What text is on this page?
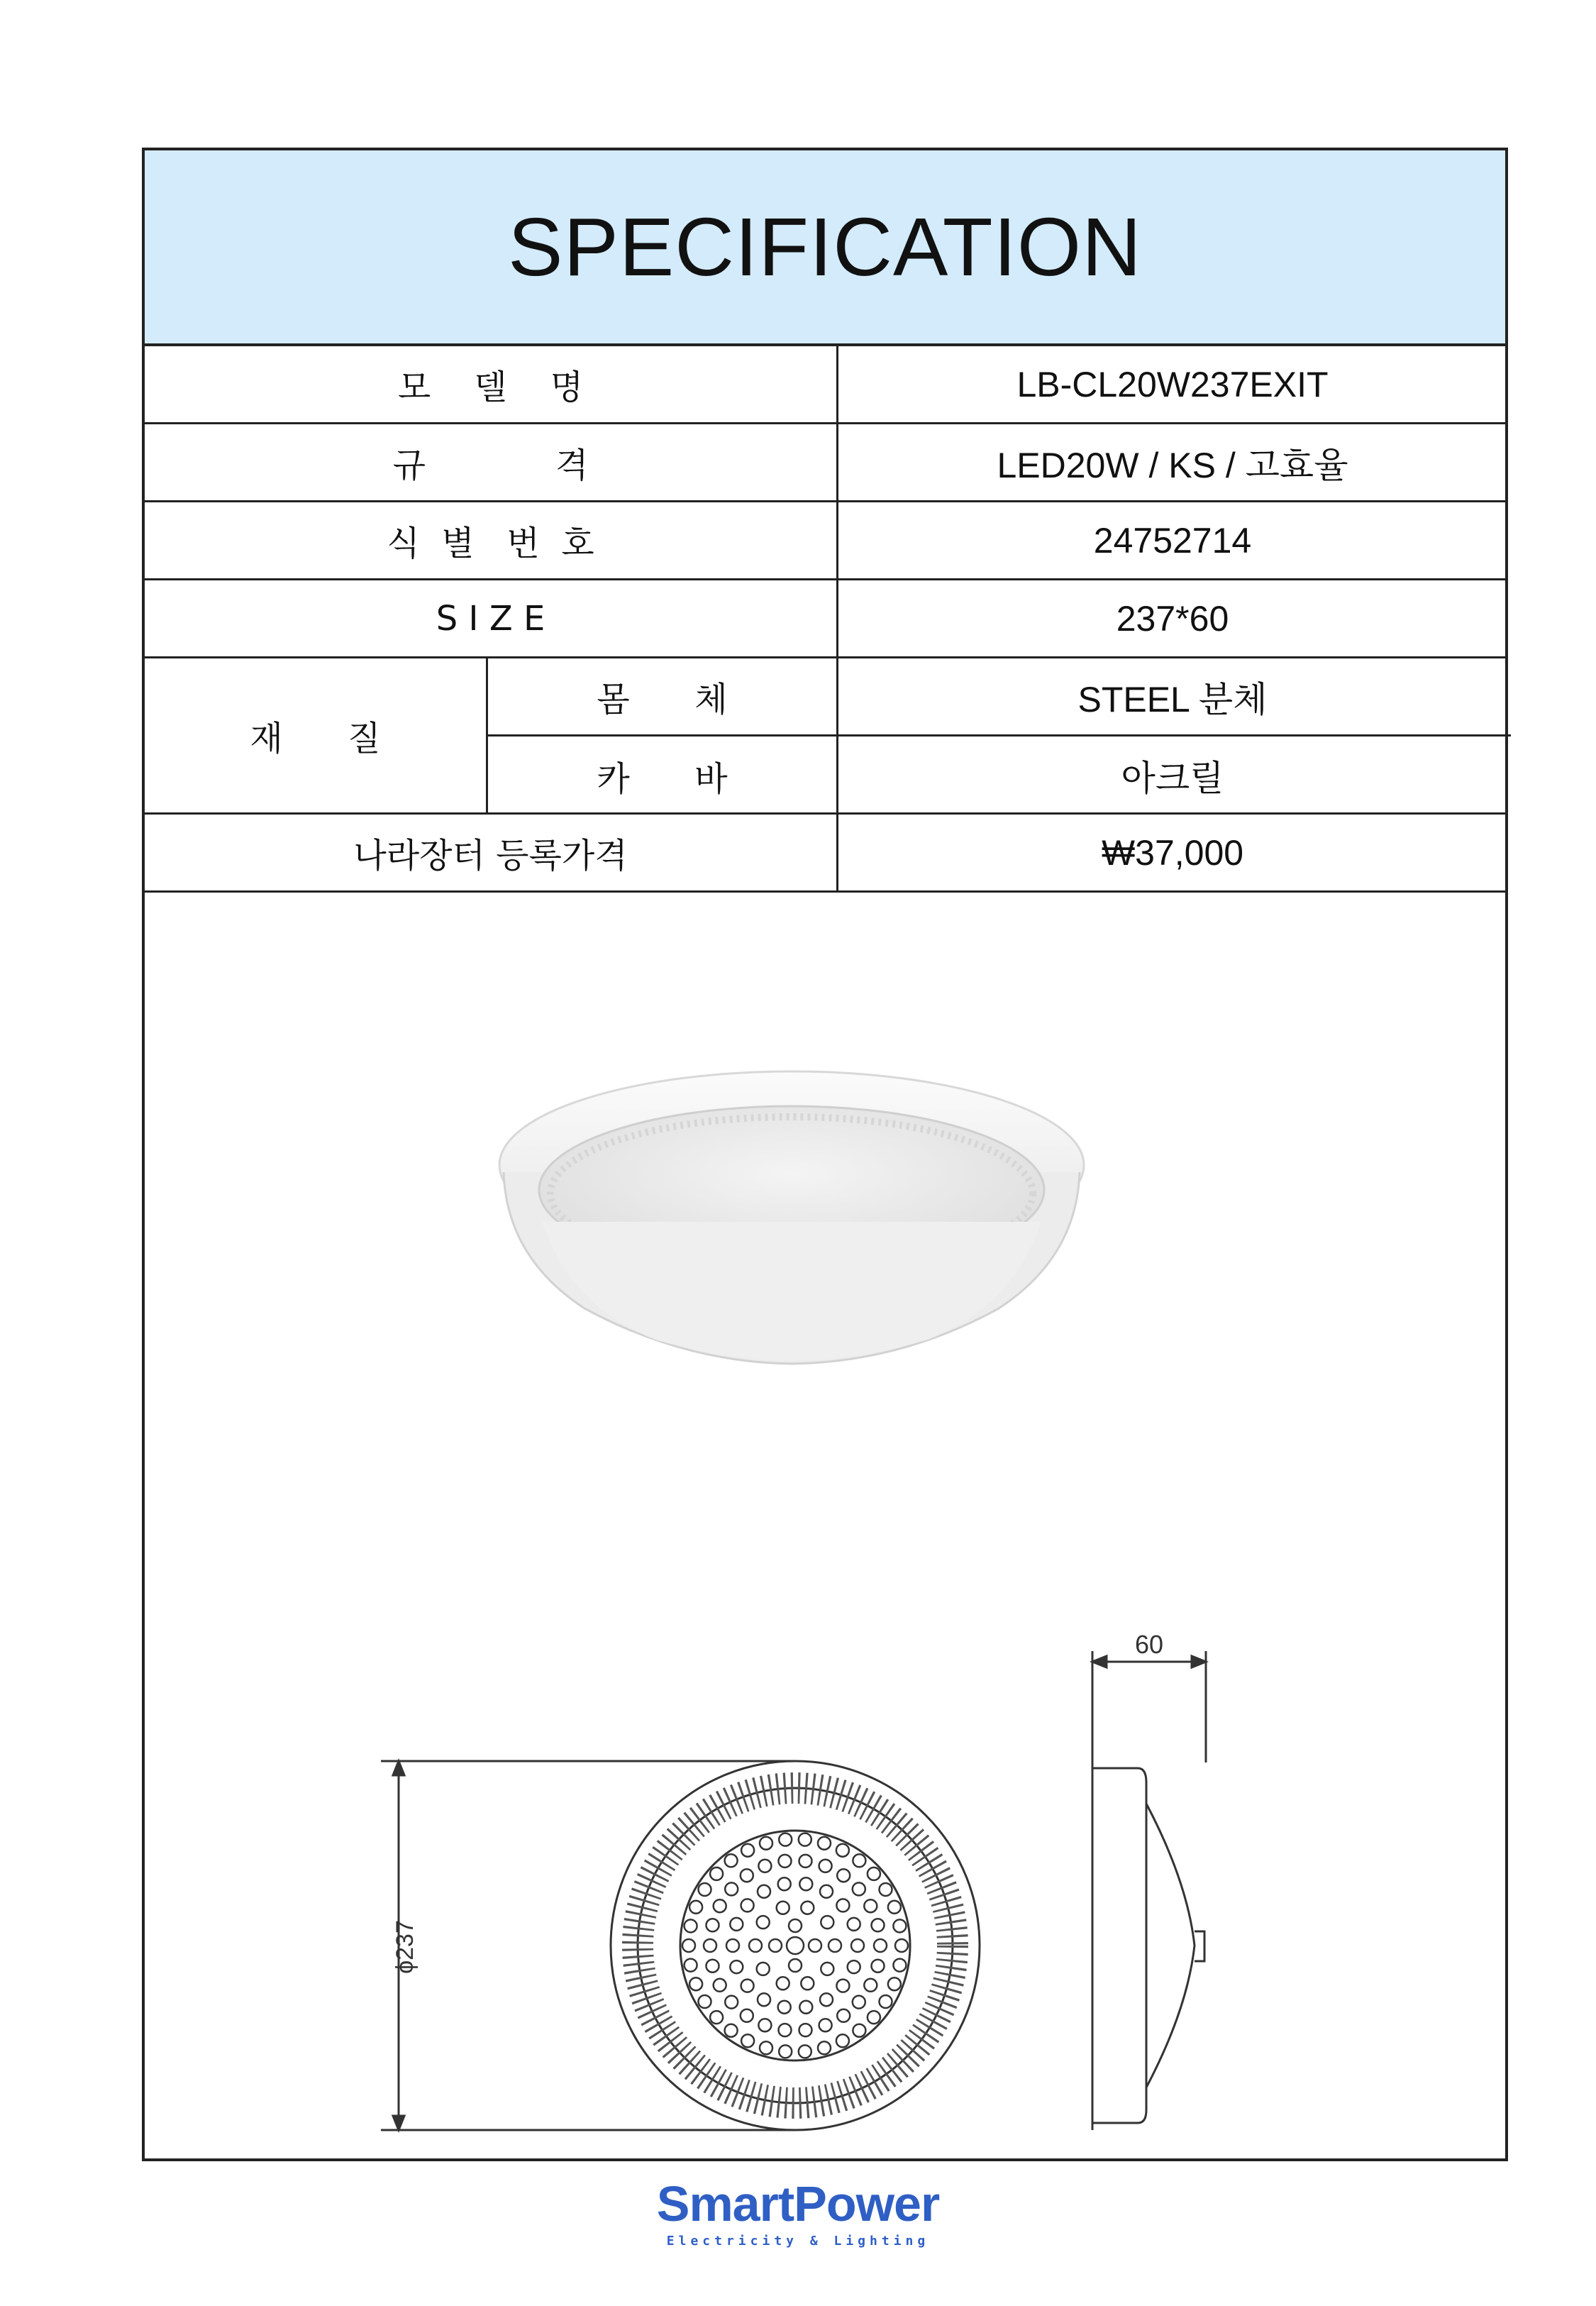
SPECIFICATION
모    델    명	LB-CL20W237EXIT
규            격	LED20W / KS / 고효율
식  별   번  호	24752714
S I Z E	237*60
재      질
몸      체	STEEL 분체
카      바	아크릴
나라장터 등록가격	₩37,000
ϕ237
60
SmartPower
Electricity & Lighting
